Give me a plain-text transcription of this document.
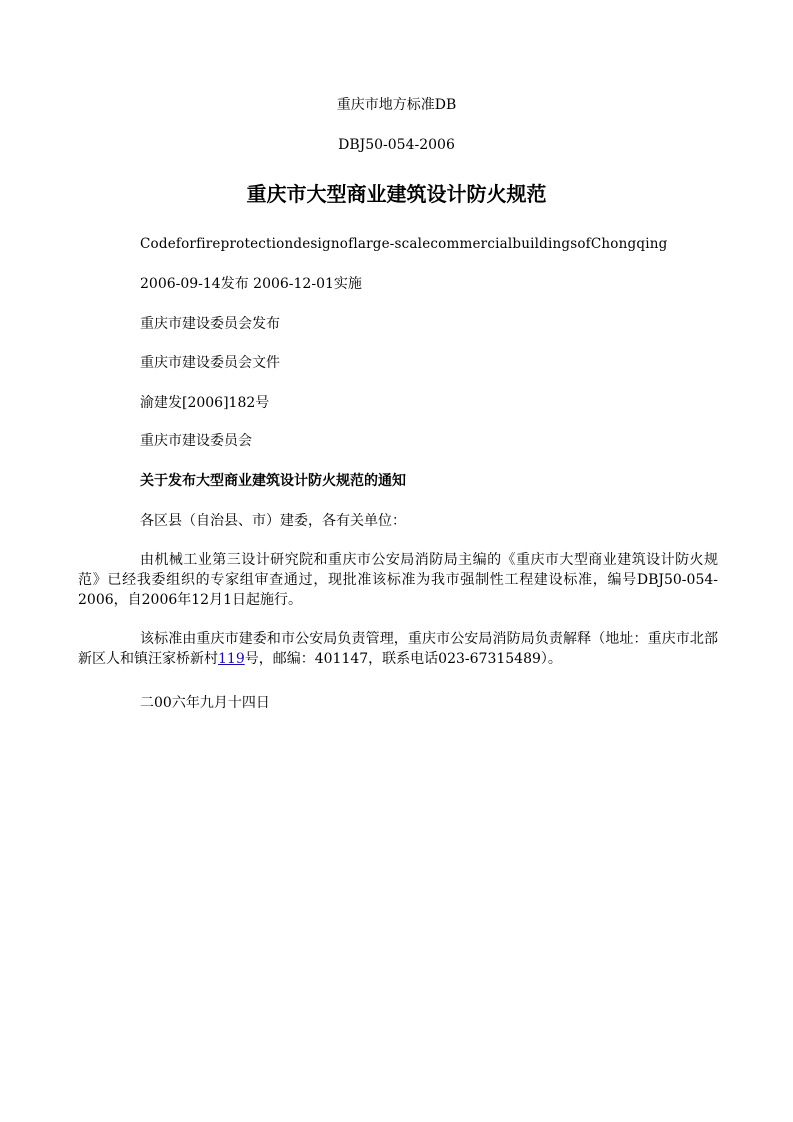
重庆市地方标准DB
DBJ50-054-2006
重庆市大型商业建筑设计防火规范
Codeforfireprotectiondesignoflarge-scalecommercialbuildingsofChongqing
2006-09-14发布 2006-12-01实施
重庆市建设委员会发布
重庆市建设委员会文件
渝建发[2006]182号
重庆市建设委员会
关于发布大型商业建筑设计防火规范的通知
各区县（自治县、市）建委，各有关单位：
由机械工业第三设计研究院和重庆市公安局消防局主编的《重庆市大型商业建筑设计防火规范》已经我委组织的专家组审查通过，现批准该标准为我市强制性工程建设标准，编号DBJ50-054-2006，自2006年12月1日起施行。
该标准由重庆市建委和市公安局负责管理，重庆市公安局消防局负责解释（地址：重庆市北部新区人和镇汪家桥新村119号，邮编：401147，联系电话023-67315489）。
二00六年九月十四日
